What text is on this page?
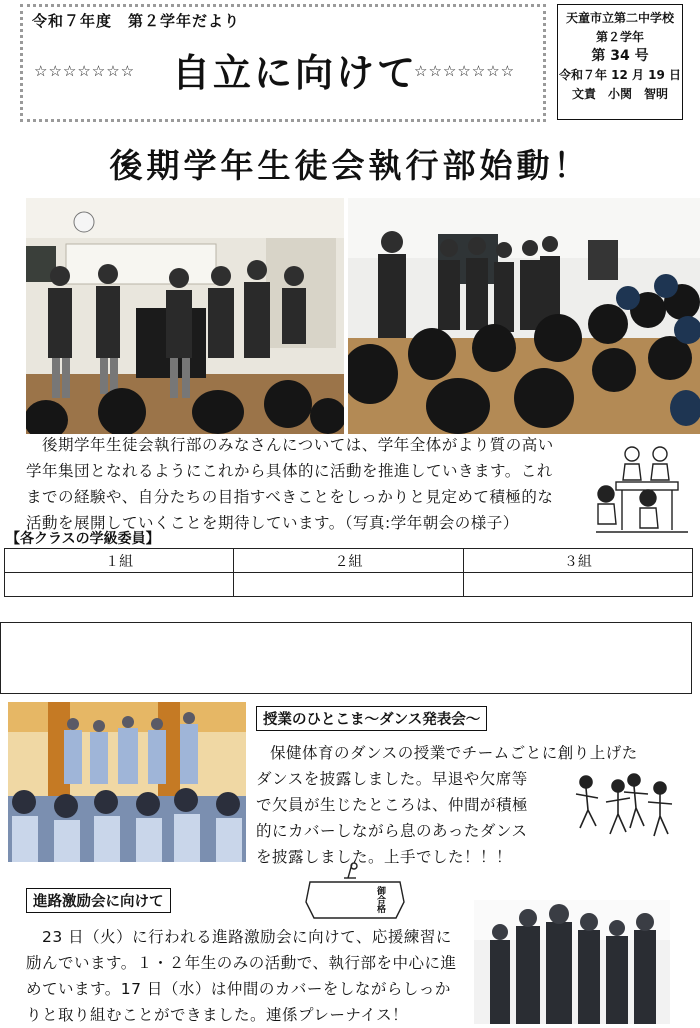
令和７年度　第２学年だより
☆☆☆☆☆☆☆ 自立に向けて
☆☆☆☆☆☆☆
天童市立第二中学校
第２学年
第 34 号
令和７年 12 月 19 日
文責　小関　智明
後期学年生徒会執行部始動！
　後期学年生徒会執行部のみなさんについては、学年全体がより質の高い
学年集団となれるようにこれから具体的に活動を推進していきます。これ
までの経験や、自分たちの目指すべきことをしっかりと見定めて積極的な
活動を展開していくことを期待しています。（写真:学年朝会の様子）
【各クラスの学級委員】
１組	２組	３組

授業のひとこま～ダンス発表会～
保健体育のダンスの授業でチームごとに創り上げた
ダンスを披露しました。早退や欠席等
で欠員が生じたところは、仲間が積極
的にカバーしながら息のあったダンス
を披露しました。上手でした！！！
進路激励会に向けて	御合格
　23 日（火）に行われる進路激励会に向けて、応援練習に
励んでいます。１・２年生のみの活動で、執行部を中心に進
めています。17 日（水）は仲間のカバーをしながらしっか
りと取り組むことができました。連係プレーナイス！
